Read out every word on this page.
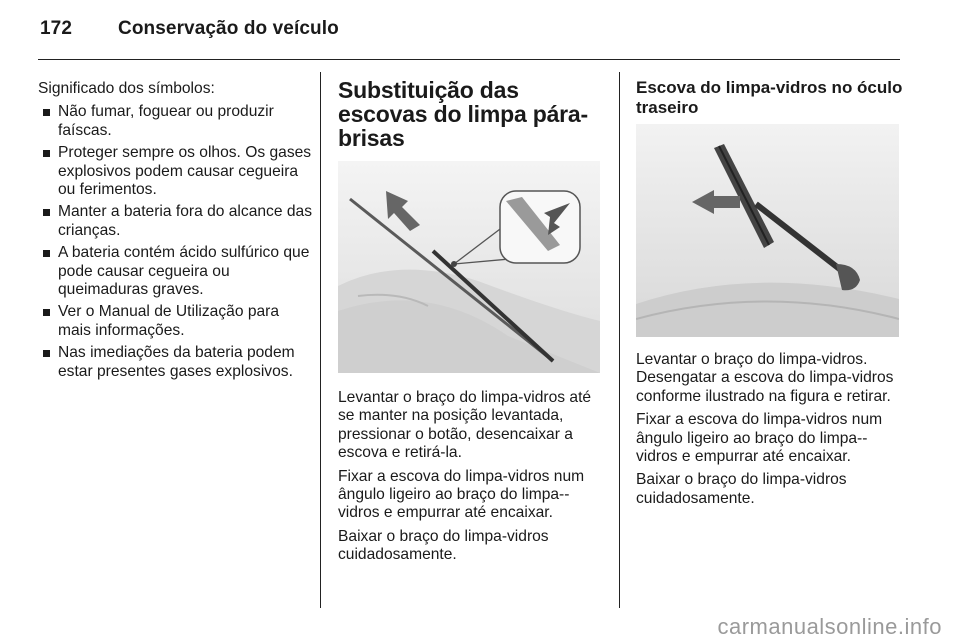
172 Conservação do veículo

Significado dos símbolos:

Não fumar, foguear ou produzir faíscas.
Proteger sempre os olhos. Os gases explosivos podem causar cegueira ou ferimentos.
Manter a bateria fora do alcance das crianças.
A bateria contém ácido sulfúrico que pode causar cegueira ou queimaduras graves.
Ver o Manual de Utilização para mais informações.
Nas imediações da bateria podem estar presentes gases explosivos.
Substituição das escovas do limpa pára-brisas

Levantar o braço do limpa-vidros até se manter na posição levantada, pressionar o botão, desencaixar a escova e retirá-la.

Fixar a escova do limpa-vidros num ângulo ligeiro ao braço do limpa--vidros e empurrar até encaixar.

Baixar o braço do limpa-vidros cuidadosamente.

Escova do limpa-vidros no óculo traseiro

Levantar o braço do limpa-vidros. Desengatar a escova do limpa-vidros conforme ilustrado na figura e retirar.

Fixar a escova do limpa-vidros num ângulo ligeiro ao braço do limpa--vidros e empurrar até encaixar.

Baixar o braço do limpa-vidros cuidadosamente.

carmanualsonline.info
